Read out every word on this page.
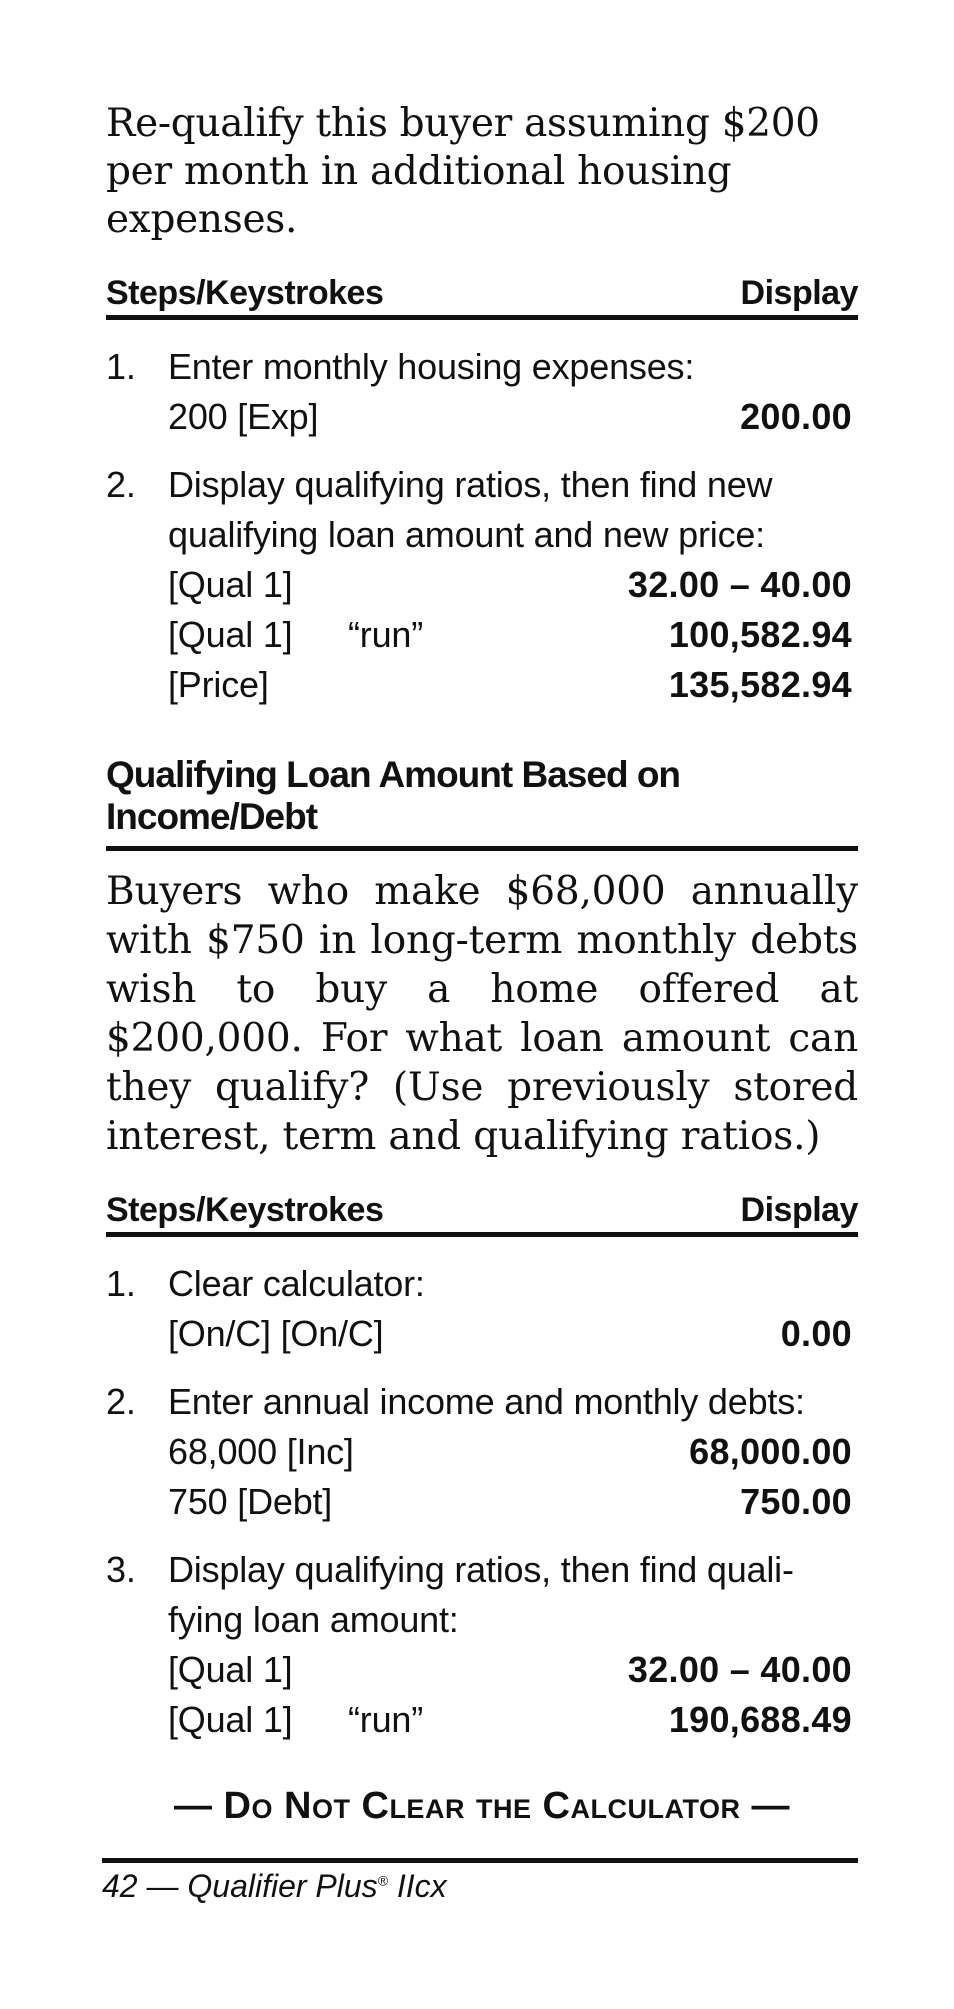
Re-qualify this buyer assuming $200 per month in additional housing expenses.
Steps/Keystrokes	Display
1. Enter monthly housing expenses:
200 [Exp]	200.00
2. Display qualifying ratios, then find new
qualifying loan amount and new price:
[Qual 1]	32.00 – 40.00
[Qual 1]	“run”	100,582.94
[Price]	135,582.94
Qualifying Loan Amount Based on Income/Debt
Buyers who make $68,000 annually with $750 in long-term monthly debts wish to buy a home offered at $200,000. For what loan amount can they qualify? (Use previously stored interest, term and qualifying ratios.)
Steps/Keystrokes	Display
1. Clear calculator:
[On/C] [On/C]	0.00
2. Enter annual income and monthly debts:
68,000 [Inc]	68,000.00
750 [Debt]	750.00
3. Display qualifying ratios, then find quali-
fying loan amount:
[Qual 1]	32.00 – 40.00
[Qual 1]	“run”	190,688.49
— Do Not Clear the Calculator —
42 — Qualifier Plus® IIcx
